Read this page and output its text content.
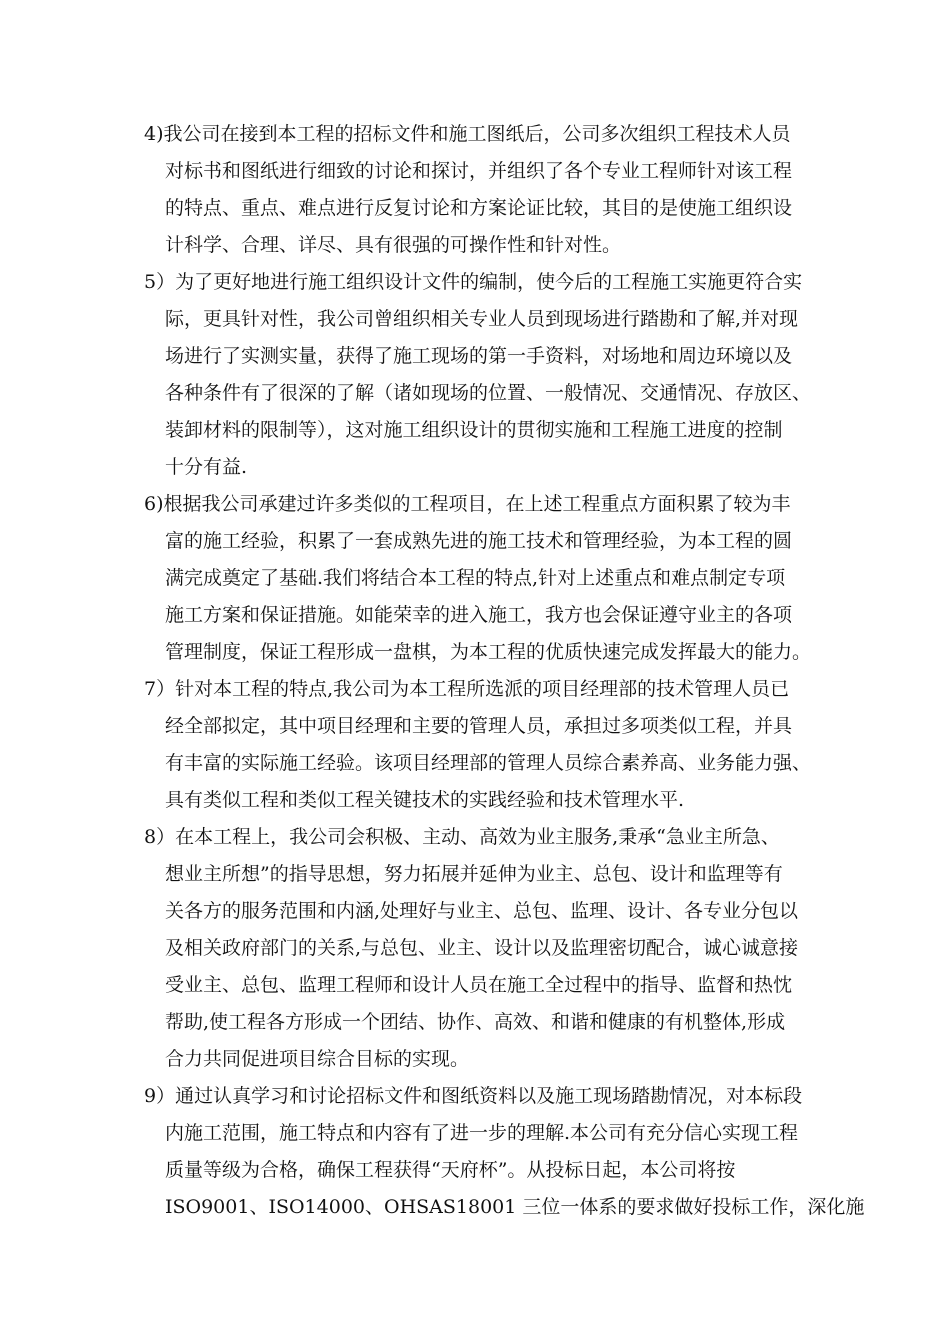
4)我公司在接到本工程的招标文件和施工图纸后，公司多次组织工程技术人员
对标书和图纸进行细致的讨论和探讨，并组织了各个专业工程师针对该工程
的特点、重点、难点进行反复讨论和方案论证比较，其目的是使施工组织设
计科学、合理、详尽、具有很强的可操作性和针对性。
5）为了更好地进行施工组织设计文件的编制，使今后的工程施工实施更符合实
际，更具针对性，我公司曾组织相关专业人员到现场进行踏勘和了解,并对现
场进行了实测实量，获得了施工现场的第一手资料，对场地和周边环境以及
各种条件有了很深的了解（诸如现场的位置、一般情况、交通情况、存放区、
装卸材料的限制等），这对施工组织设计的贯彻实施和工程施工进度的控制
十分有益.
6)根据我公司承建过许多类似的工程项目，在上述工程重点方面积累了较为丰
富的施工经验，积累了一套成熟先进的施工技术和管理经验，为本工程的圆
满完成奠定了基础.我们将结合本工程的特点,针对上述重点和难点制定专项
施工方案和保证措施。如能荣幸的进入施工，我方也会保证遵守业主的各项
管理制度，保证工程形成一盘棋，为本工程的优质快速完成发挥最大的能力。
7）针对本工程的特点,我公司为本工程所选派的项目经理部的技术管理人员已
经全部拟定，其中项目经理和主要的管理人员，承担过多项类似工程，并具
有丰富的实际施工经验。该项目经理部的管理人员综合素养高、业务能力强、
具有类似工程和类似工程关键技术的实践经验和技术管理水平.
8）在本工程上，我公司会积极、主动、高效为业主服务,秉承“急业主所急、
想业主所想”的指导思想，努力拓展并延伸为业主、总包、设计和监理等有
关各方的服务范围和内涵,处理好与业主、总包、监理、设计、各专业分包以
及相关政府部门的关系,与总包、业主、设计以及监理密切配合，诚心诚意接
受业主、总包、监理工程师和设计人员在施工全过程中的指导、监督和热忱
帮助,使工程各方形成一个团结、协作、高效、和谐和健康的有机整体,形成
合力共同促进项目综合目标的实现。
9）通过认真学习和讨论招标文件和图纸资料以及施工现场踏勘情况，对本标段
内施工范围，施工特点和内容有了进一步的理解.本公司有充分信心实现工程
质量等级为合格，确保工程获得“天府杯”。从投标日起，本公司将按
ISO9001、ISO14000、OHSAS18001 三位一体系的要求做好投标工作，深化施
